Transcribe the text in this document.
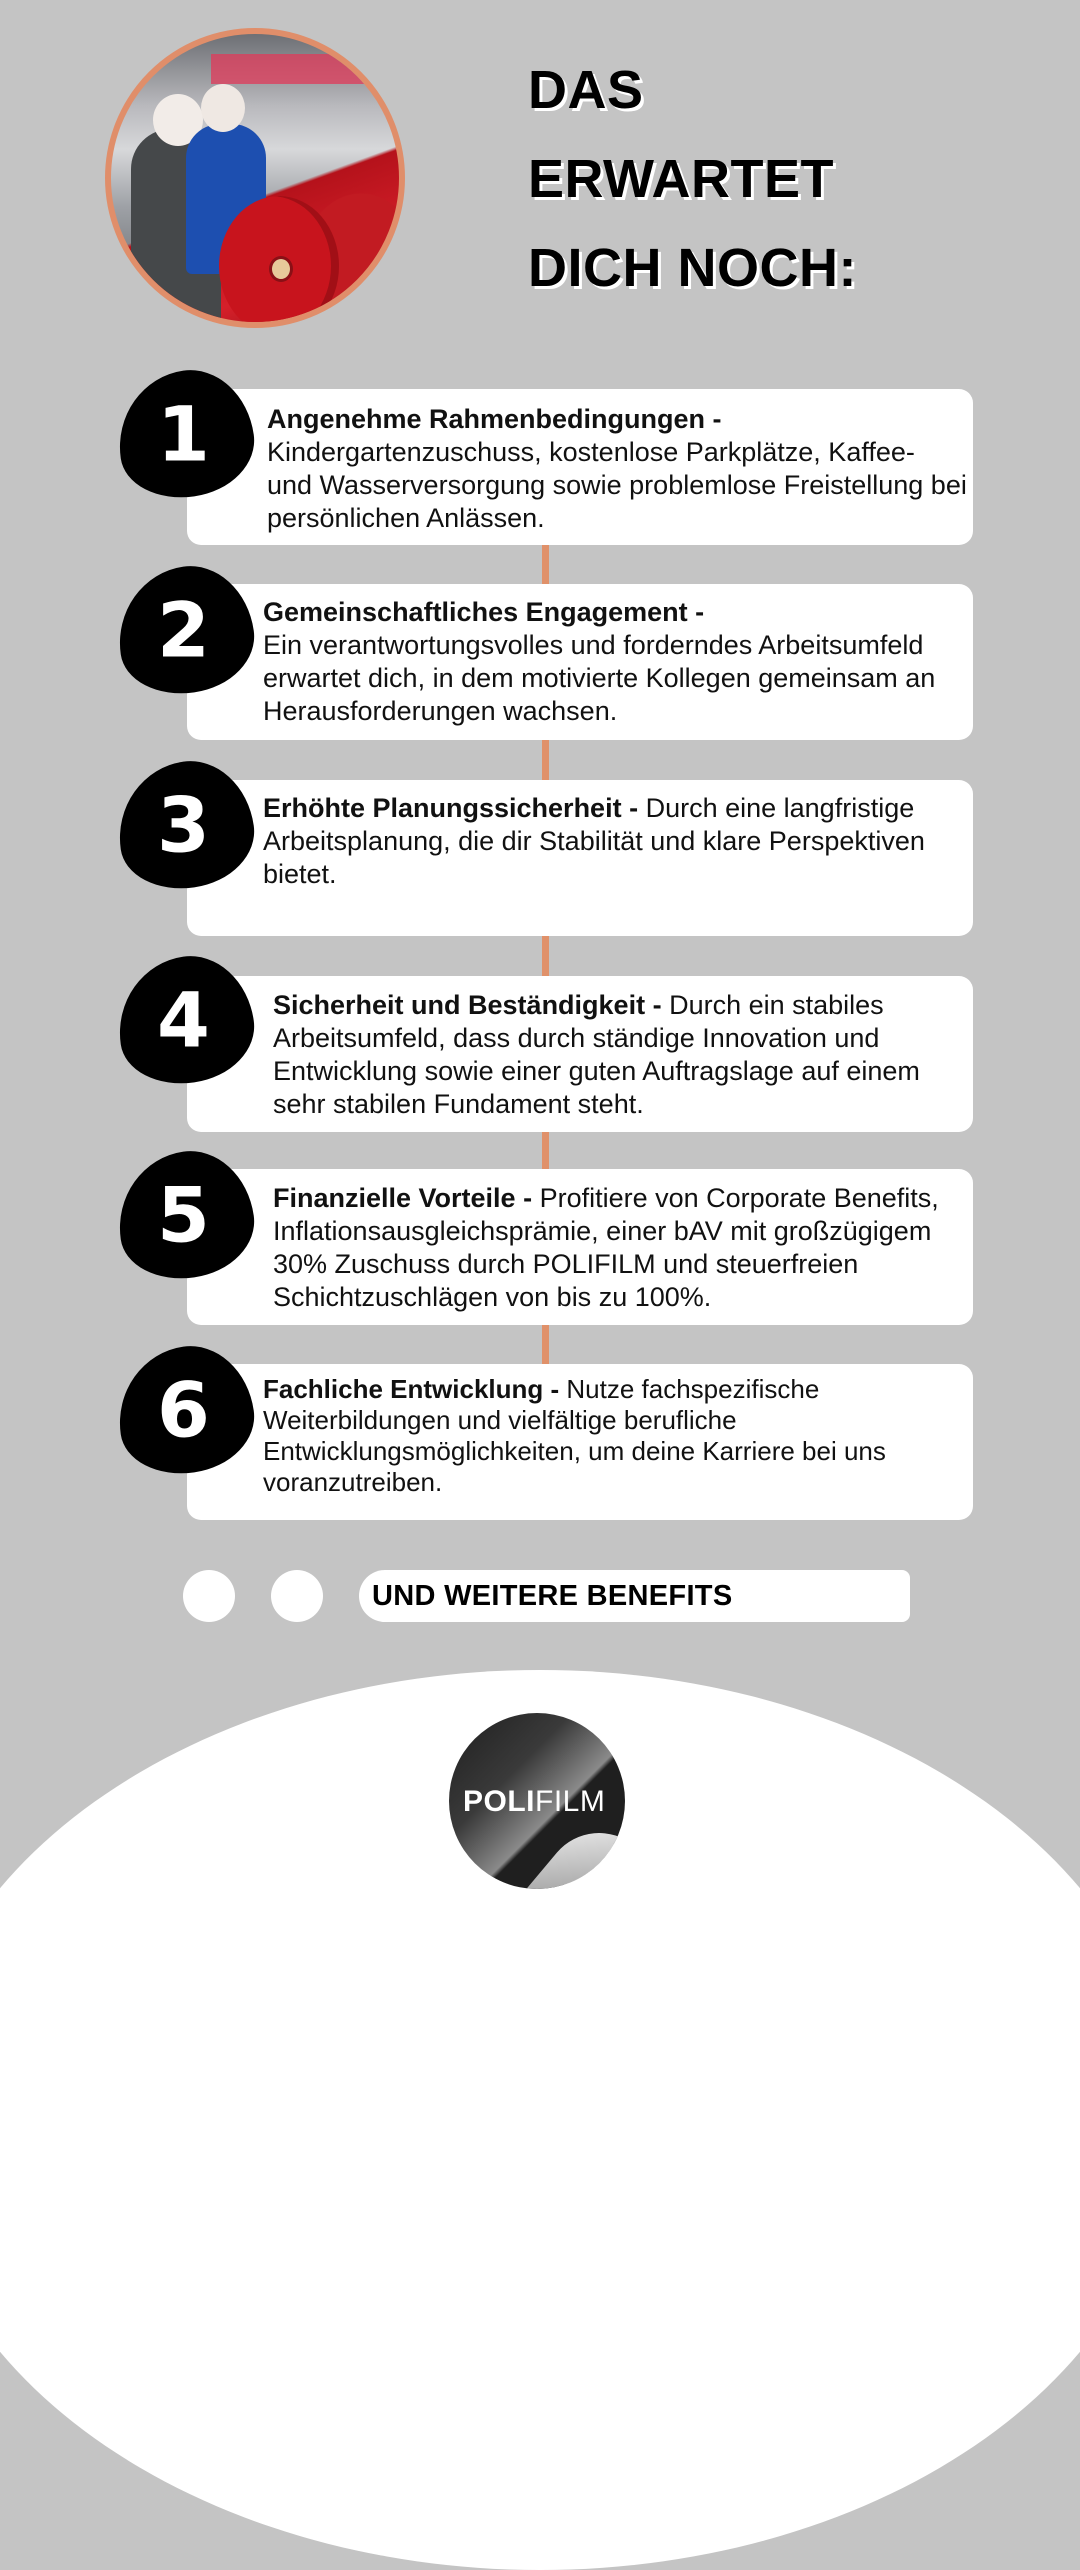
DAS
ERWARTET
DICH NOCH:

Angenehme Rahmenbedingungen -
Kindergartenzuschuss, kostenlose Parkplätze, Kaffee- und Wasserversorgung sowie problemlose Freistellung bei persönlichen Anlässen.

1

Gemeinschaftliches Engagement -
Ein verantwortungsvolles und forderndes Arbeitsumfeld erwartet dich, in dem motivierte Kollegen gemeinsam an Herausforderungen wachsen.

2

Erhöhte Planungssicherheit - Durch eine langfristige Arbeitsplanung, die dir Stabilität und klare Perspektiven bietet.

3

Sicherheit und Beständigkeit - Durch ein stabiles Arbeitsumfeld, dass durch ständige Innovation und Entwicklung sowie einer guten Auftragslage auf einem sehr stabilen Fundament steht.

4

Finanzielle Vorteile - Profitiere von Corporate Benefits, Inflationsausgleichsprämie, einer bAV mit großzügigem 30% Zuschuss durch POLIFILM und steuerfreien Schichtzuschlägen von bis zu 100%.

5

Fachliche Entwicklung - Nutze fachspezifische Weiterbildungen und vielfältige berufliche Entwicklungsmöglichkeiten, um deine Karriere bei uns voranzutreiben.

6
UND WEITERE BENEFITS
POLIFILM
